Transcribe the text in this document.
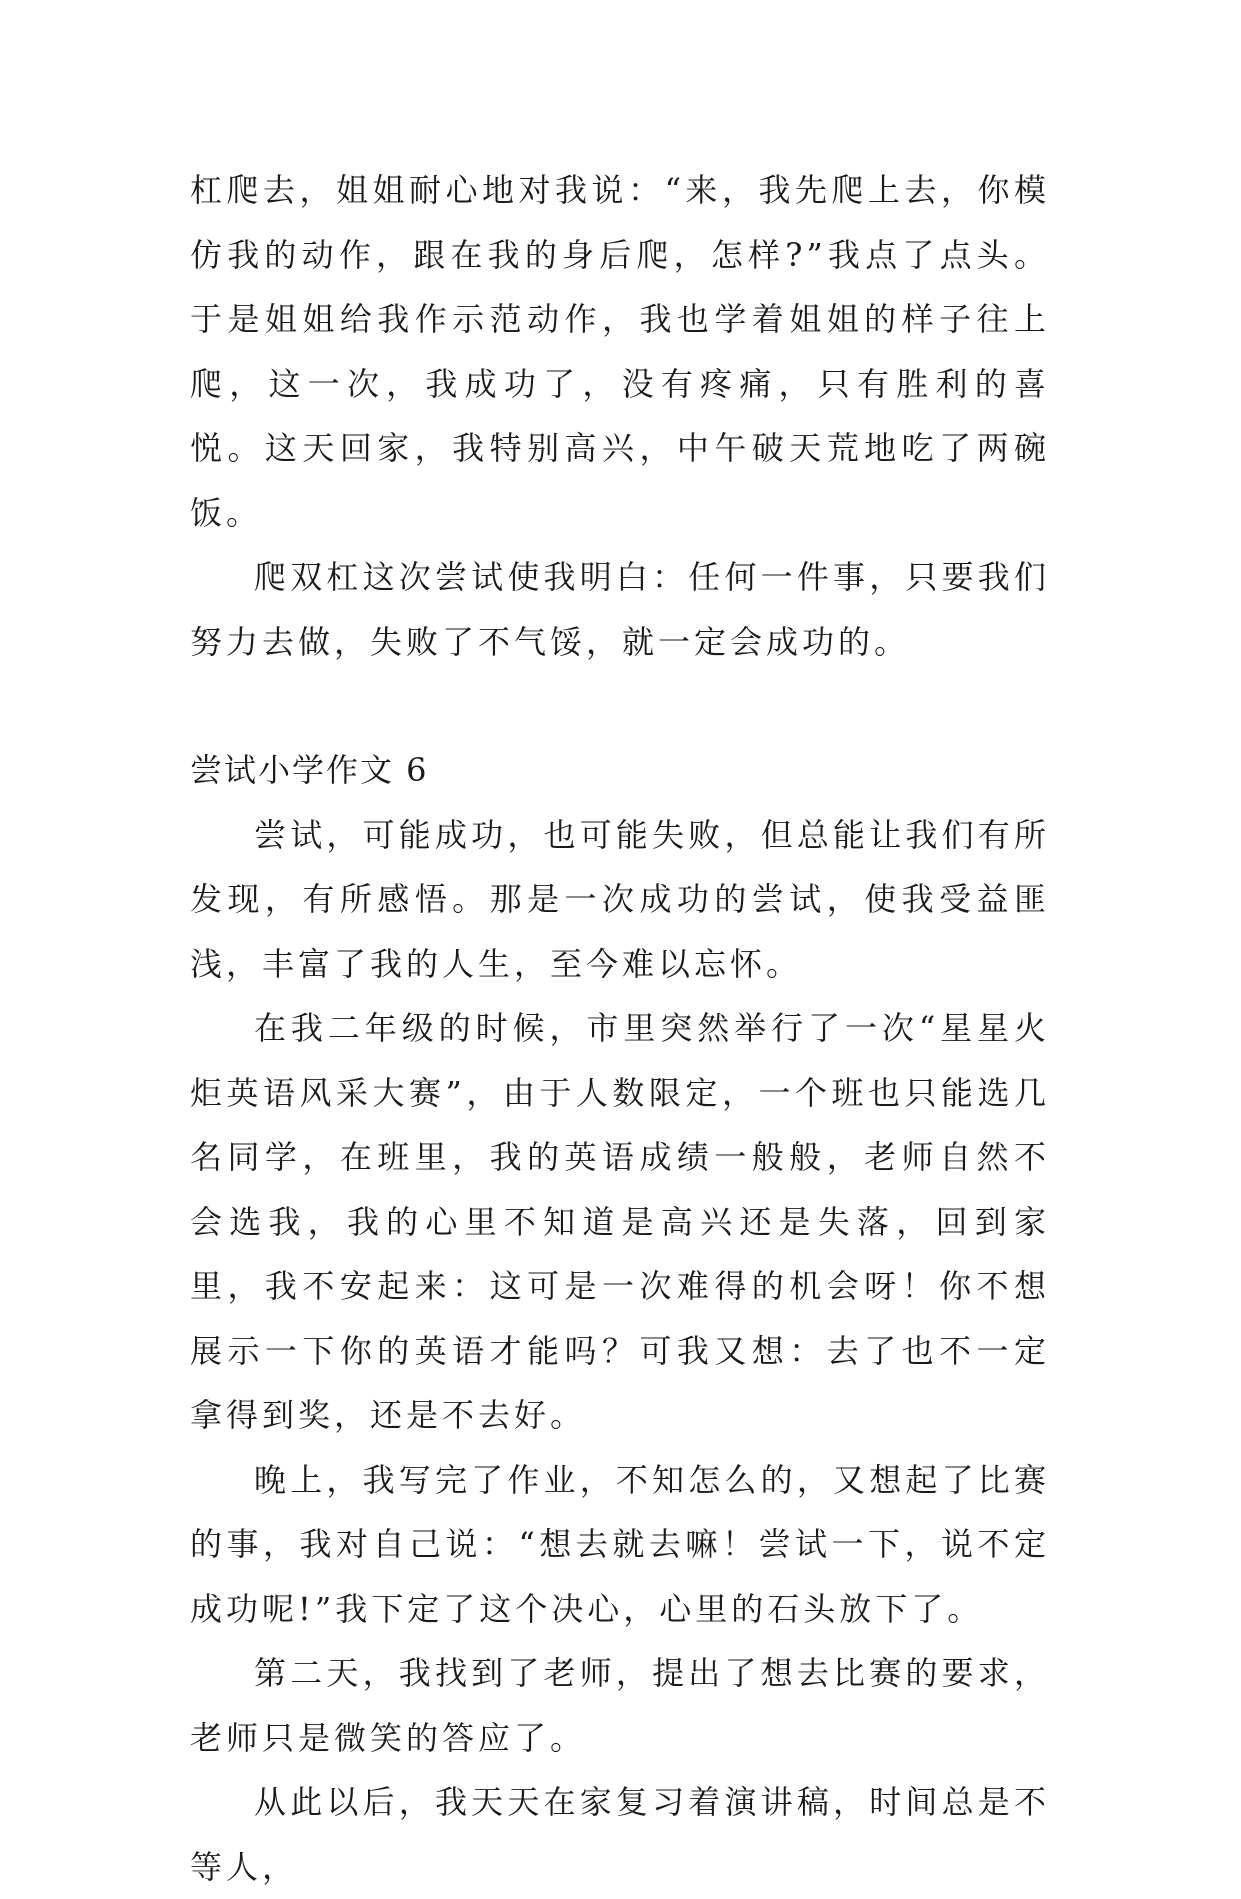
杠爬去，姐姐耐心地对我说：“来，我先爬上去，你模仿我的动作，跟在我的身后爬，怎样?”我点了点头。于是姐姐给我作示范动作，我也学着姐姐的样子往上爬，这一次，我成功了，没有疼痛，只有胜利的喜悦。这天回家，我特别高兴，中午破天荒地吃了两碗饭。

爬双杠这次尝试使我明白：任何一件事，只要我们努力去做，失败了不气馁，就一定会成功的。

尝试小学作文 6

尝试，可能成功，也可能失败，但总能让我们有所发现，有所感悟。那是一次成功的尝试，使我受益匪浅，丰富了我的人生，至今难以忘怀。

在我二年级的时候，市里突然举行了一次“星星火炬英语风采大赛”，由于人数限定，一个班也只能选几名同学，在班里，我的英语成绩一般般，老师自然不会选我，我的心里不知道是高兴还是失落，回到家里，我不安起来：这可是一次难得的机会呀！你不想展示一下你的英语才能吗？可我又想：去了也不一定拿得到奖，还是不去好。

晚上，我写完了作业，不知怎么的，又想起了比赛的事，我对自己说：“想去就去嘛！尝试一下，说不定成功呢!”我下定了这个决心，心里的石头放下了。

第二天，我找到了老师，提出了想去比赛的要求，老师只是微笑的答应了。

从此以后，我天天在家复习着演讲稿，时间总是不等人，
